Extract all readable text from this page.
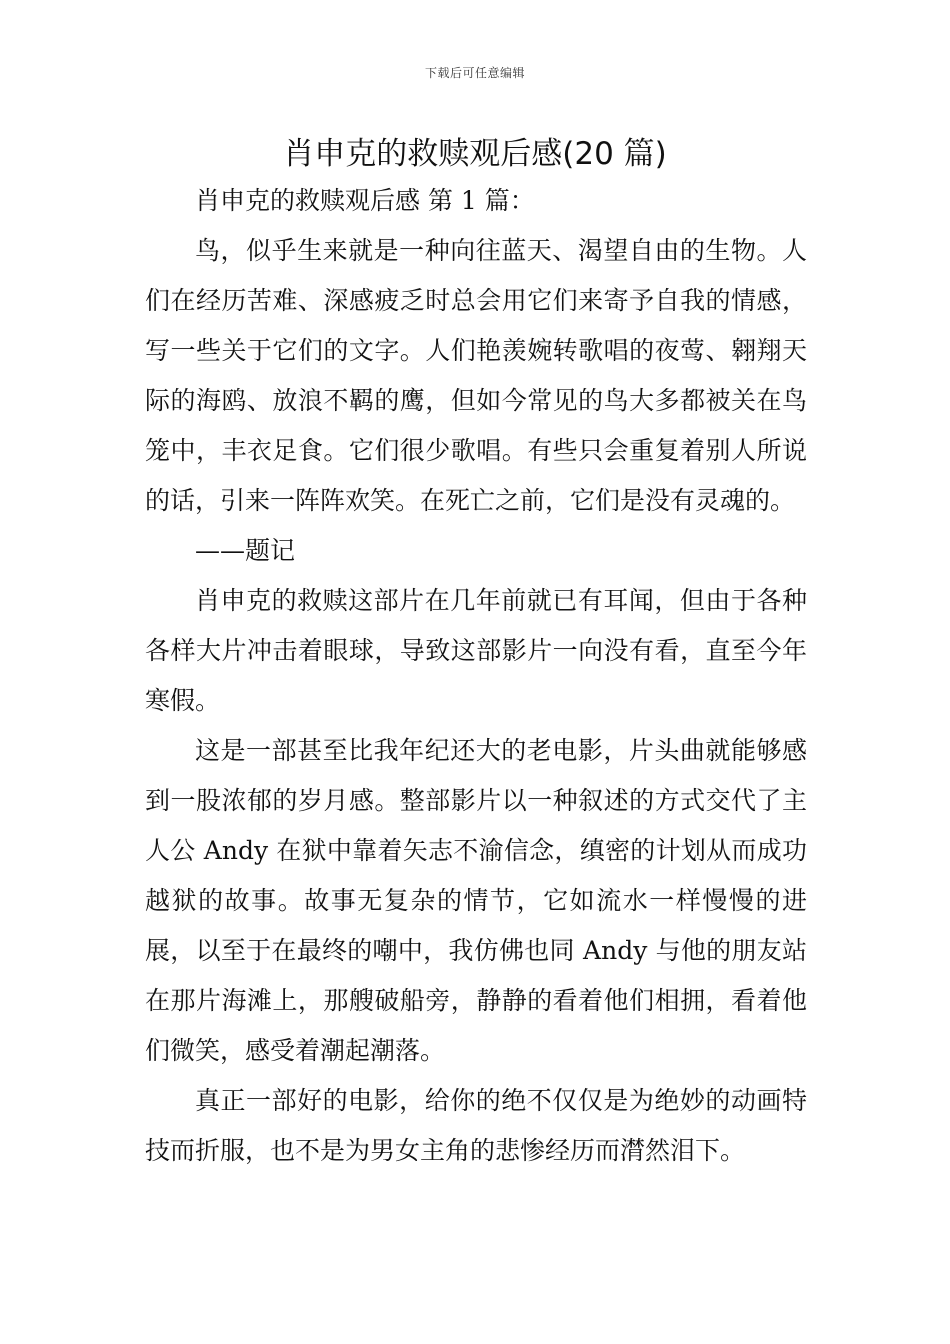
下载后可任意编辑
肖申克的救赎观后感(20 篇)

肖申克的救赎观后感 第 1 篇：

鸟，似乎生来就是一种向往蓝天、渴望自由的生物。人们在经历苦难、深感疲乏时总会用它们来寄予自我的情感，写一些关于它们的文字。人们艳羡婉转歌唱的夜莺、翱翔天际的海鸥、放浪不羁的鹰，但如今常见的鸟大多都被关在鸟笼中，丰衣足食。它们很少歌唱。有些只会重复着别人所说的话，引来一阵阵欢笑。在死亡之前，它们是没有灵魂的。

——题记

肖申克的救赎这部片在几年前就已有耳闻，但由于各种各样大片冲击着眼球，导致这部影片一向没有看，直至今年寒假。

这是一部甚至比我年纪还大的老电影，片头曲就能够感到一股浓郁的岁月感。整部影片以一种叙述的方式交代了主人公 Andy 在狱中靠着矢志不渝信念，缜密的计划从而成功越狱的故事。故事无复杂的情节，它如流水一样慢慢的进展，以至于在最终的嘲中，我仿佛也同 Andy 与他的朋友站在那片海滩上，那艘破船旁，静静的看着他们相拥，看着他们微笑，感受着潮起潮落。

真正一部好的电影，给你的绝不仅仅是为绝妙的动画特技而折服，也不是为男女主角的悲惨经历而潸然泪下。
